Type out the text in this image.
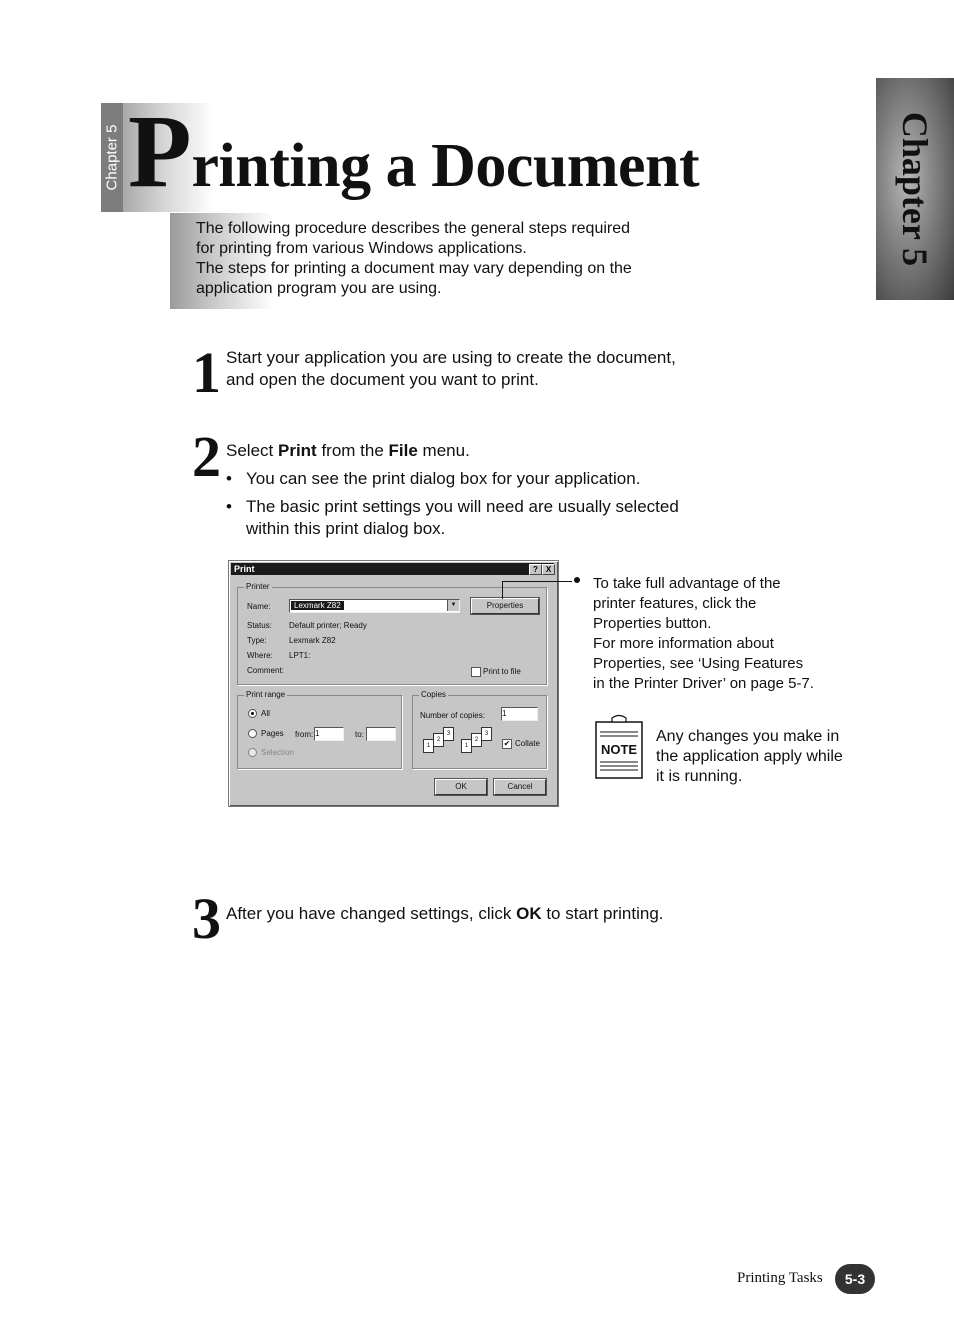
Chapter 5 Printing a Document	Chapter 5
The following procedure describes the general steps required
for printing from various Windows applications.
The steps for printing a document may vary depending on the
application program you are using.
1 Start your application you are using to create the document,
and open the document you want to print.
2 Select Print from the File menu.
• You can see the print dialog box for your application.
• The basic print settings you will need are usually selected
within this print dialog box.
Print	? X
Printer
Name:	Lexmark Z82	▼	Properties
Status: Default printer; Ready
Type:	Lexmark Z82
Where: LPT1:
Comment:	Print to file
Print range
All
Pages from: 1	to:
Selection
Copies
Number of copies: 1
1
2
3
1
2
3
✔ Collate
OK	Cancel
To take full advantage of the
printer features, click the
Properties button.
For more information about
Properties, see ‘Using Features
in the Printer Driver’ on page 5-7.
NOTE
Any changes you make in
the application apply while
it is running.
3 After you have changed settings, click OK to start printing.
Printing Tasks	5-3
